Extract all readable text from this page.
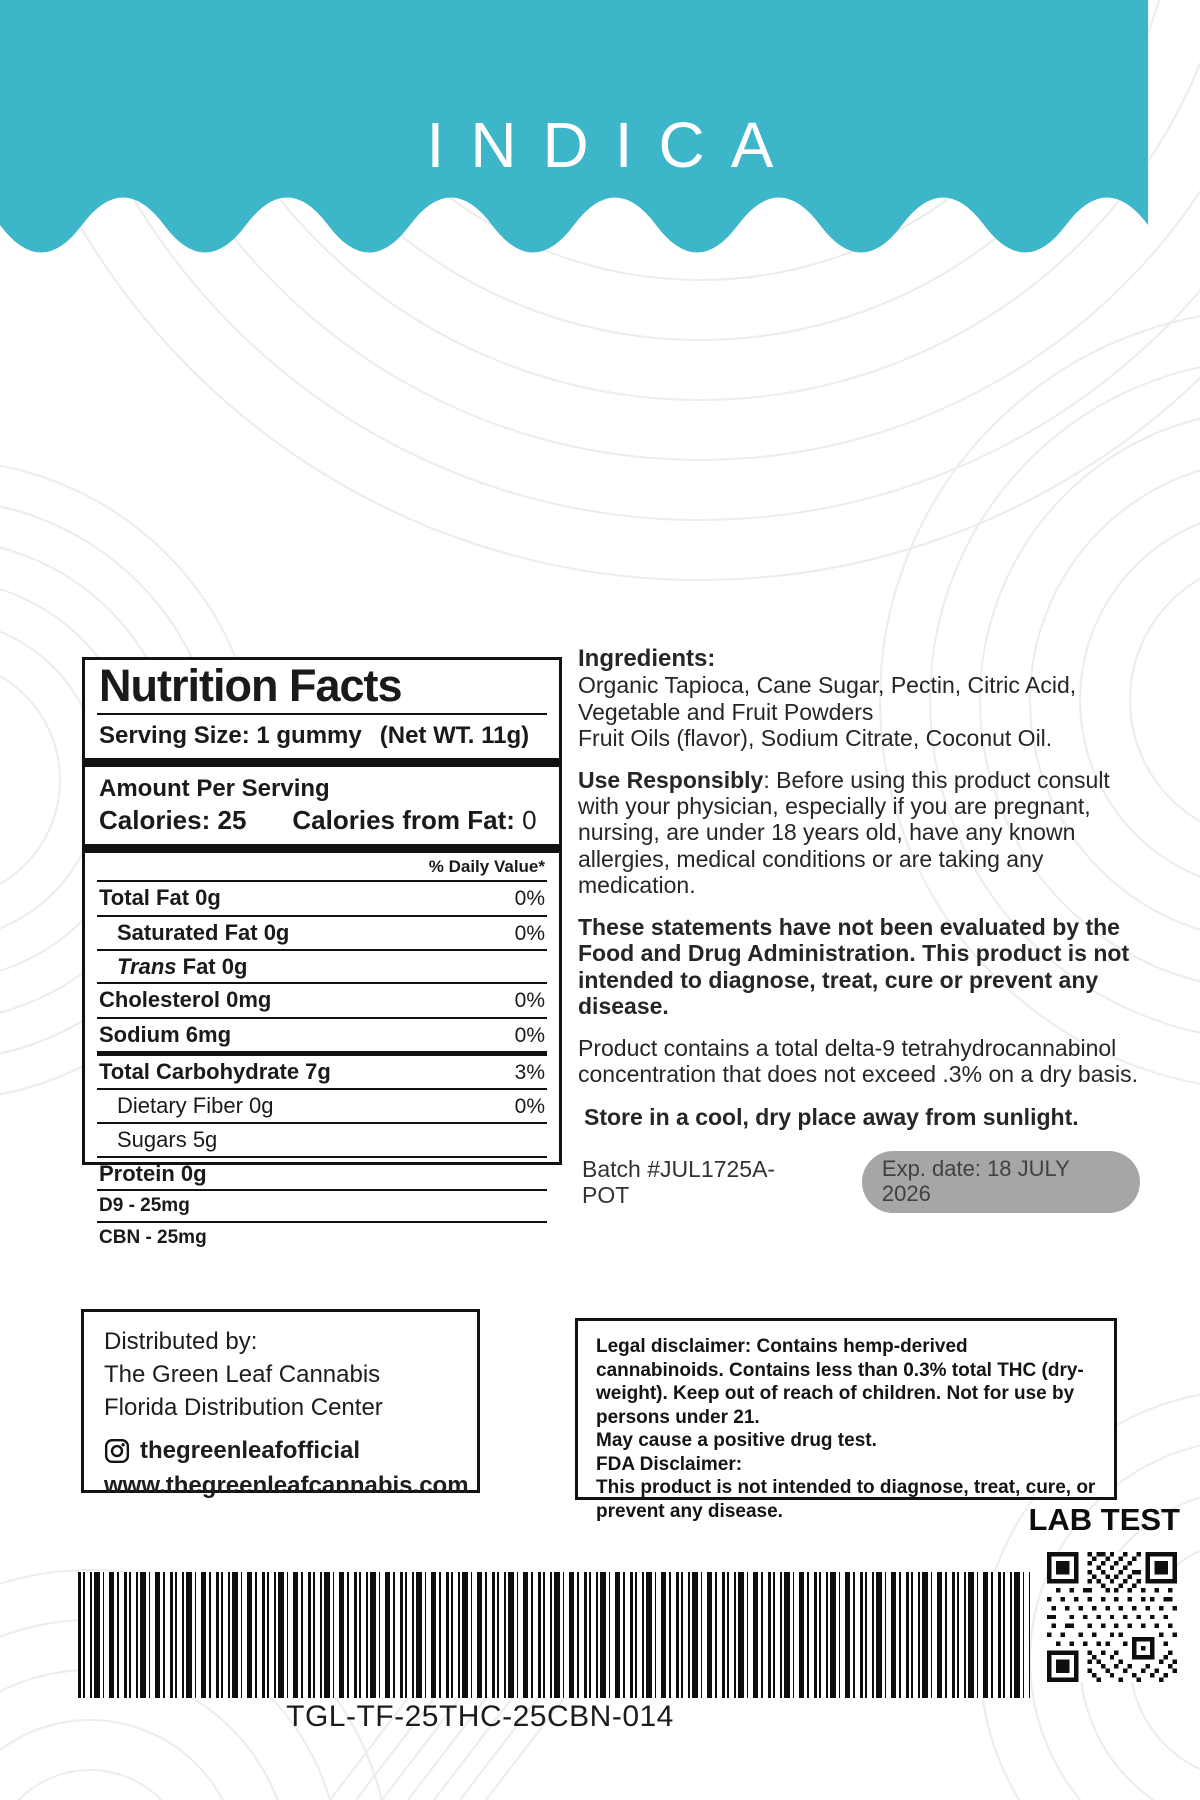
INDICA
Nutrition Facts
Serving Size: 1 gummy (Net WT. 11g)
Amount Per Serving
Calories: 25 Calories from Fat: 0
% Daily Value*
Total Fat 0g	0%
Saturated Fat 0g	0%
Trans Fat 0g
Cholesterol 0mg	0%
Sodium 6mg	0%
Total Carbohydrate 7g	3%
Dietary Fiber 0g	0%
Sugars 5g
Protein 0g
D9 - 25mg
CBN - 25mg
Ingredients:
Organic Tapioca, Cane Sugar, Pectin, Citric Acid,
Vegetable and Fruit Powders
Fruit Oils (flavor), Sodium Citrate, Coconut Oil.
Use Responsibly: Before using this product consult with your physician, especially if you are pregnant, nursing, are under 18 years old, have any known allergies, medical conditions or are taking any medication.
These statements have not been evaluated by the Food and Drug Administration. This product is not intended to diagnose, treat, cure or prevent any disease.
Product contains a total delta-9 tetrahydrocannabinol concentration that does not exceed .3% on a dry basis.
Store in a cool, dry place away from sunlight.
Batch #JUL1725A-POT
Exp. date: 18 JULY 2026
Distributed by:
The Green Leaf Cannabis
Florida Distribution Center
thegreenleafofficial
www.thegreenleafcannabis.com
Legal disclaimer: Contains hemp-derived cannabinoids. Contains less than 0.3% total THC (dry-weight). Keep out of reach of children. Not for use by persons under 21.
May cause a positive drug test.
FDA Disclaimer:
This product is not intended to diagnose, treat, cure, or prevent any disease.	LAB TEST
TGL-TF-25THC-25CBN-014
